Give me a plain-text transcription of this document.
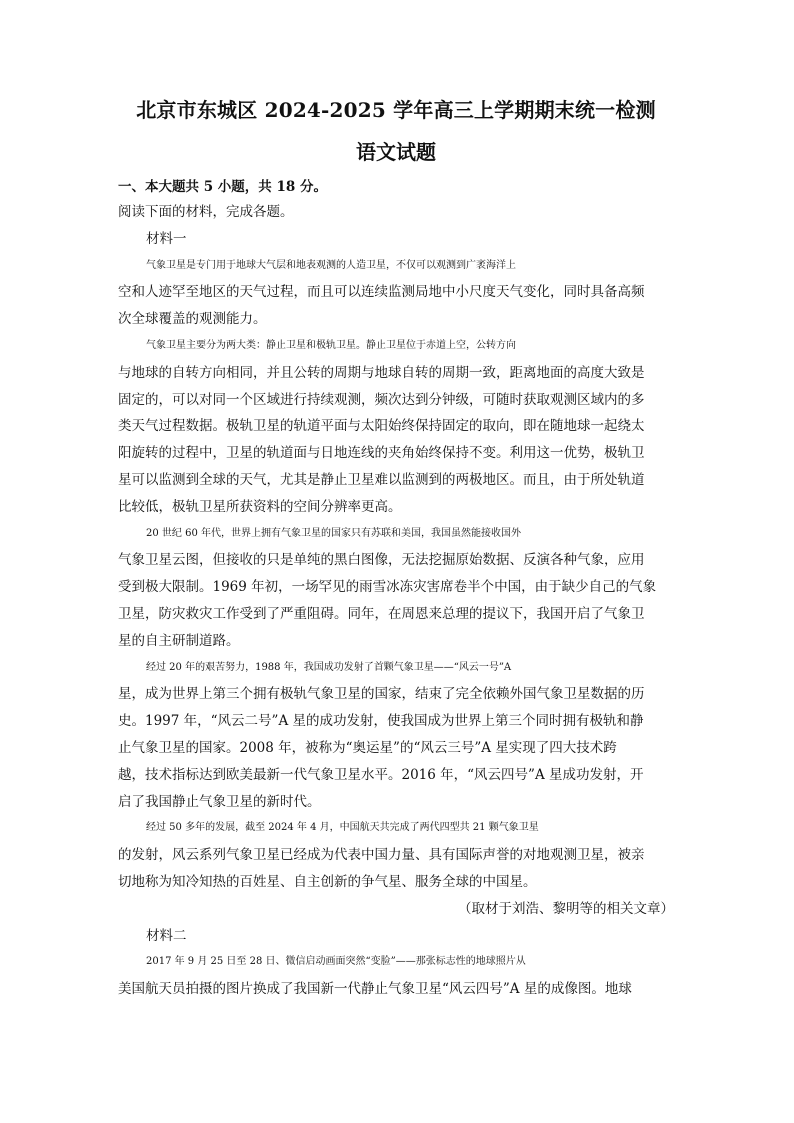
北京市东城区 2024-2025 学年高三上学期期末统一检测
语文试题

一、本大题共 5 小题，共 18 分。

阅读下面的材料，完成各题。

材料一

气象卫星是专门用于地球大气层和地表观测的人造卫星，不仅可以观测到广袤海洋上

空和人迹罕至地区的天气过程，而且可以连续监测局地中小尺度天气变化，同时具备高频

次全球覆盖的观测能力。

气象卫星主要分为两大类：静止卫星和极轨卫星。静止卫星位于赤道上空，公转方向

与地球的自转方向相同，并且公转的周期与地球自转的周期一致，距离地面的高度大致是

固定的，可以对同一个区域进行持续观测，频次达到分钟级，可随时获取观测区域内的多

类天气过程数据。极轨卫星的轨道平面与太阳始终保持固定的取向，即在随地球一起绕太

阳旋转的过程中，卫星的轨道面与日地连线的夹角始终保持不变。利用这一优势，极轨卫

星可以监测到全球的天气，尤其是静止卫星难以监测到的两极地区。而且，由于所处轨道

比较低，极轨卫星所获资料的空间分辨率更高。

20 世纪 60 年代，世界上拥有气象卫星的国家只有苏联和美国，我国虽然能接收国外

气象卫星云图，但接收的只是单纯的黑白图像，无法挖掘原始数据、反演各种气象，应用

受到极大限制。1969 年初，一场罕见的雨雪冰冻灾害席卷半个中国，由于缺少自己的气象

卫星，防灾救灾工作受到了严重阻碍。同年，在周恩来总理的提议下，我国开启了气象卫

星的自主研制道路。

经过 20 年的艰苦努力，1988 年，我国成功发射了首颗气象卫星——“风云一号”A

星，成为世界上第三个拥有极轨气象卫星的国家，结束了完全依赖外国气象卫星数据的历

史。1997 年，“风云二号”A 星的成功发射，使我国成为世界上第三个同时拥有极轨和静

止气象卫星的国家。2008 年，被称为“奥运星”的“风云三号”A 星实现了四大技术跨

越，技术指标达到欧美最新一代气象卫星水平。2016 年，“风云四号”A 星成功发射，开

启了我国静止气象卫星的新时代。

经过 50 多年的发展，截至 2024 年 4 月，中国航天共完成了两代四型共 21 颗气象卫星

的发射，风云系列气象卫星已经成为代表中国力量、具有国际声誉的对地观测卫星，被亲

切地称为知冷知热的百姓星、自主创新的争气星、服务全球的中国星。

（取材于刘浩、黎明等的相关文章）

材料二

2017 年 9 月 25 日至 28 日、微信启动画面突然“变脸”——那张标志性的地球照片从

美国航天员拍摄的图片换成了我国新一代静止气象卫星“风云四号”A 星的成像图。地球
